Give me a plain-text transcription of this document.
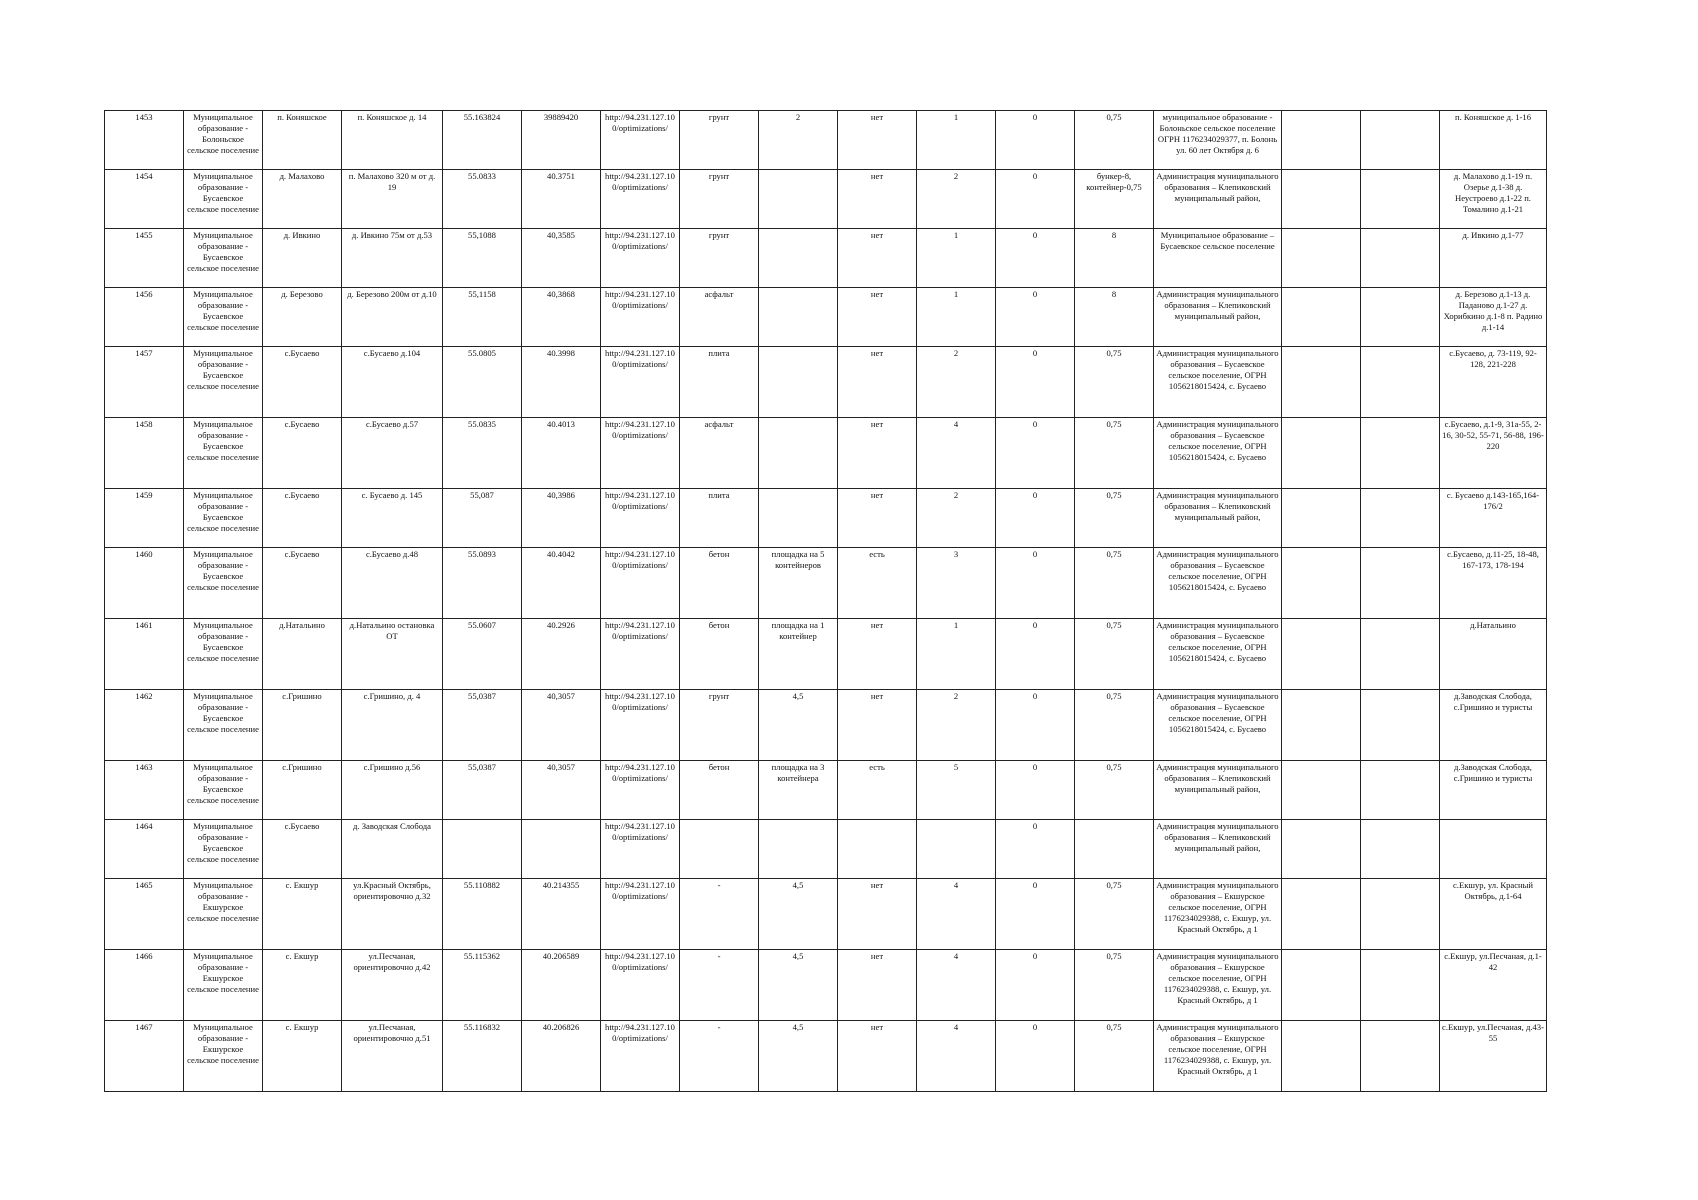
1453	Муниципальное образование - Болоньское сельское поселение	п. Коняшское	п. Коняшское д. 14	55.163824	39889420	http://94.231.127.100/optimizations/	грунт	2	нет	1	0	0,75	муниципальное образование - Болоньское сельское поселение ОГРН 1176234029377, п. Болонь ул. 60 лет Октября д. 6			п. Коняшское д. 1-16
1454	Муниципальное образование - Бусаевское сельское поселение	д. Малахово	п. Малахово 320 м от д. 19	55.0833	40.3751	http://94.231.127.100/optimizations/	грунт		нет	2	0	бункер-8, контейнер-0,75	Администрация муниципального образования – Клепиковский муниципальный район,			д. Малахово д.1-19 п. Озерье д.1-38 д. Неустроево д.1-22 п. Томалино д.1-21
1455	Муниципальное образование - Бусаевское сельское поселение	д. Ивкино	д. Ивкино 75м от д.53	55,1088	40,3585	http://94.231.127.100/optimizations/	грунт		нет	1	0	8	Муниципальное образование – Бусаевское сельское поселение			д. Ивкино д.1-77
1456	Муниципальное образование - Бусаевское сельское поселение	д. Березово	д. Березово 200м от д.10	55,1158	40,3868	http://94.231.127.100/optimizations/	асфальт		нет	1	0	8	Администрация муниципального образования – Клепиковский муниципальный район,			д. Березово д.1-13 д. Паданово д.1-27 д. Хорибкино д.1-8 п. Радино д.1-14
1457	Муниципальное образование - Бусаевское сельское поселение	с.Бусаево	с.Бусаево д.104	55.0805	40.3998	http://94.231.127.100/optimizations/	плита		нет	2	0	0,75	Администрация муниципального образования – Бусаевское сельское поселение, ОГРН 1056218015424, с. Бусаево			с.Бусаево, д. 73-119, 92-128, 221-228
1458	Муниципальное образование - Бусаевское сельское поселение	с.Бусаево	с.Бусаево д.57	55.0835	40.4013	http://94.231.127.100/optimizations/	асфальт		нет	4	0	0,75	Администрация муниципального образования – Бусаевское сельское поселение, ОГРН 1056218015424, с. Бусаево			с.Бусаево, д.1-9, 31а-55, 2-16, 30-52, 55-71, 56-88, 196-220
1459	Муниципальное образование - Бусаевское сельское поселение	с.Бусаево	с. Бусаево д. 145	55,087	40,3986	http://94.231.127.100/optimizations/	плита		нет	2	0	0,75	Администрация муниципального образования – Клепиковский муниципальный район,			с. Бусаево д.143-165,164-176/2
1460	Муниципальное образование - Бусаевское сельское поселение	с.Бусаево	с.Бусаево д.48	55.0893	40.4042	http://94.231.127.100/optimizations/	бетон	площадка на 5 контейнеров	есть	3	0	0,75	Администрация муниципального образования – Бусаевское сельское поселение, ОГРН 1056218015424, с. Бусаево			с.Бусаево, д.11-25, 18-48, 167-173, 178-194
1461	Муниципальное образование - Бусаевское сельское поселение	д.Натальино	д.Натальино остановка ОТ	55.0607	40.2926	http://94.231.127.100/optimizations/	бетон	площадка на 1 контейнер	нет	1	0	0,75	Администрация муниципального образования – Бусаевское сельское поселение, ОГРН 1056218015424, с. Бусаево			д.Натальино
1462	Муниципальное образование - Бусаевское сельское поселение	с.Гришино	с.Гришино, д. 4	55,0387	40,3057	http://94.231.127.100/optimizations/	грунт	4,5	нет	2	0	0,75	Администрация муниципального образования – Бусаевское сельское поселение, ОГРН 1056218015424, с. Бусаево			д.Заводская Слобода, с.Гришино и туристы
1463	Муниципальное образование - Бусаевское сельское поселение	с.Гришино	с.Гришино д.56	55,0387	40,3057	http://94.231.127.100/optimizations/	бетон	площадка на 3 контейнера	есть	5	0	0,75	Администрация муниципального образования – Клепиковский муниципальный район,			д.Заводская Слобода, с.Гришино и туристы
1464	Муниципальное образование - Бусаевское сельское поселение	с.Бусаево	д. Заводская Слобода			http://94.231.127.100/optimizations/					0		Администрация муниципального образования – Клепиковский муниципальный район,			
1465	Муниципальное образование - Екшурское сельское поселение	с. Екшур	ул.Красный Октябрь, ориентировочно д.32	55.110882	40.214355	http://94.231.127.100/optimizations/	-	4,5	нет	4	0	0,75	Администрация муниципального образования – Екшурское сельское поселение, ОГРН 1176234029388, с. Екшур, ул. Красный Октябрь, д 1			с.Екшур, ул. Красный Октябрь, д.1-64
1466	Муниципальное образование - Екшурское сельское поселение	с. Екшур	ул.Песчаная, ориентировочно д.42	55.115362	40.206589	http://94.231.127.100/optimizations/	-	4,5	нет	4	0	0,75	Администрация муниципального образования – Екшурское сельское поселение, ОГРН 1176234029388, с. Екшур, ул. Красный Октябрь, д 1			с.Екшур, ул.Песчаная, д.1-42
1467	Муниципальное образование - Екшурское сельское поселение	с. Екшур	ул.Песчаная, ориентировочно д.51	55.116832	40.206826	http://94.231.127.100/optimizations/	-	4,5	нет	4	0	0,75	Администрация муниципального образования – Екшурское сельское поселение, ОГРН 1176234029388, с. Екшур, ул. Красный Октябрь, д 1			с.Екшур, ул.Песчаная, д.43-55
